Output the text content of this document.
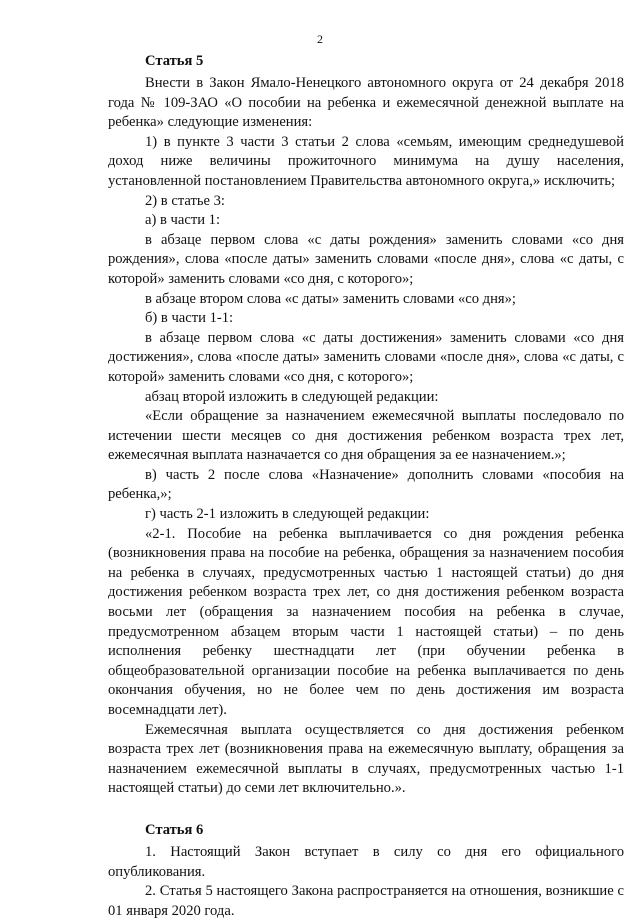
2
Статья 5

Внести в Закон Ямало-Ненецкого автономного округа от 24 декабря 2018 года № 109-ЗАО «О пособии на ребенка и ежемесячной денежной выплате на ребенка» следующие изменения:

1) в пункте 3 части 3 статьи 2 слова «семьям, имеющим среднедушевой доход ниже величины прожиточного минимума на душу населения, установленной постановлением Правительства автономного округа,» исключить;

2) в статье 3:

а) в части 1:

в абзаце первом слова «с даты рождения» заменить словами «со дня рождения», слова «после даты» заменить словами «после дня», слова «с даты, с которой» заменить словами «со дня, с которого»;

в абзаце втором слова «с даты» заменить словами «со дня»;

б) в части 1-1:

в абзаце первом слова «с даты достижения» заменить словами «со дня достижения», слова «после даты» заменить словами «после дня», слова «с даты, с которой» заменить словами «со дня, с которого»;

абзац второй изложить в следующей редакции:

«Если обращение за назначением ежемесячной выплаты последовало по истечении шести месяцев со дня достижения ребенком возраста трех лет, ежемесячная выплата назначается со дня обращения за ее назначением.»;

в) часть 2 после слова «Назначение» дополнить словами «пособия на ребенка,»;

г) часть 2-1 изложить в следующей редакции:

«2-1. Пособие на ребенка выплачивается со дня рождения ребенка (возникновения права на пособие на ребенка, обращения за назначением пособия на ребенка в случаях, предусмотренных частью 1 настоящей статьи) до дня достижения ребенком возраста трех лет, со дня достижения ребенком возраста восьми лет (обращения за назначением пособия на ребенка в случае, предусмотренном абзацем вторым части 1 настоящей статьи) – по день исполнения ребенку шестнадцати лет (при обучении ребенка в общеобразовательной организации пособие на ребенка выплачивается по день окончания обучения, но не более чем по день достижения им возраста восемнадцати лет).

Ежемесячная выплата осуществляется со дня достижения ребенком возраста трех лет (возникновения права на ежемесячную выплату, обращения за назначением ежемесячной выплаты в случаях, предусмотренных частью 1-1 настоящей статьи) до семи лет включительно.».

Статья 6

1. Настоящий Закон вступает в силу со дня его официального опубликования.

2. Статья 5 настоящего Закона распространяется на отношения, возникшие с 01 января 2020 года.
